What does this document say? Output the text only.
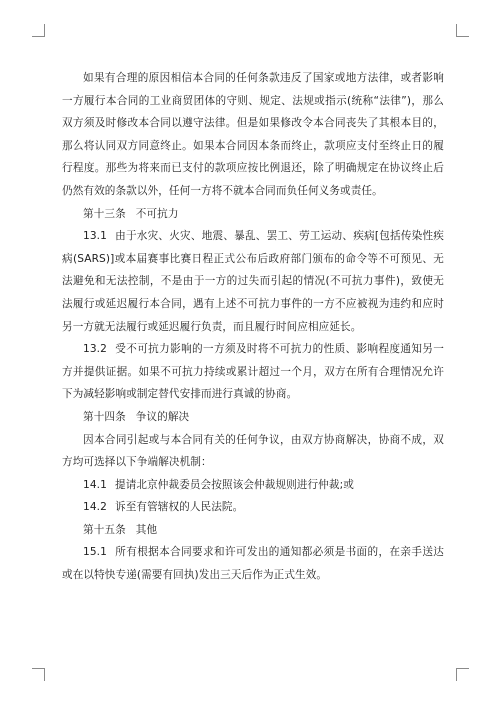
如果有合理的原因相信本合同的任何条款违反了国家或地方法律，或者影响一方履行本合同的工业商贸团体的守则、规定、法规或指示(统称“法律”)，那么双方须及时修改本合同以遵守法律。但是如果修改令本合同丧失了其根本目的，那么将认同双方同意终止。如果本合同因本条而终止，款项应支付至终止日的履行程度。那些为将来而已支付的款项应按比例退还，除了明确规定在协议终止后仍然有效的条款以外，任何一方将不就本合同而负任何义务或责任。

第十三条 不可抗力

13.1 由于水灾、火灾、地震、暴乱、罢工、劳工运动、疾病[包括传染性疾病(SARS)]或本届赛事比赛日程正式公布后政府部门颁布的命令等不可预见、无法避免和无法控制，不是由于一方的过失而引起的情况(不可抗力事件)，致使无法履行或延迟履行本合同，遇有上述不可抗力事件的一方不应被视为违约和应时另一方就无法履行或延迟履行负责，而且履行时间应相应延长。

13.2 受不可抗力影响的一方须及时将不可抗力的性质、影响程度通知另一方并提供证据。如果不可抗力持续或累计超过一个月，双方在所有合理情况允许下为减轻影响或制定替代安排而进行真诚的协商。

第十四条 争议的解决

因本合同引起或与本合同有关的任何争议，由双方协商解决，协商不成，双方均可选择以下争端解决机制：

14.1 提请北京仲裁委员会按照该会仲裁规则进行仲裁;或

14.2 诉至有管辖权的人民法院。

第十五条 其他

15.1 所有根据本合同要求和许可发出的通知都必须是书面的，在亲手送达或在以特快专递(需要有回执)发出三天后作为正式生效。
